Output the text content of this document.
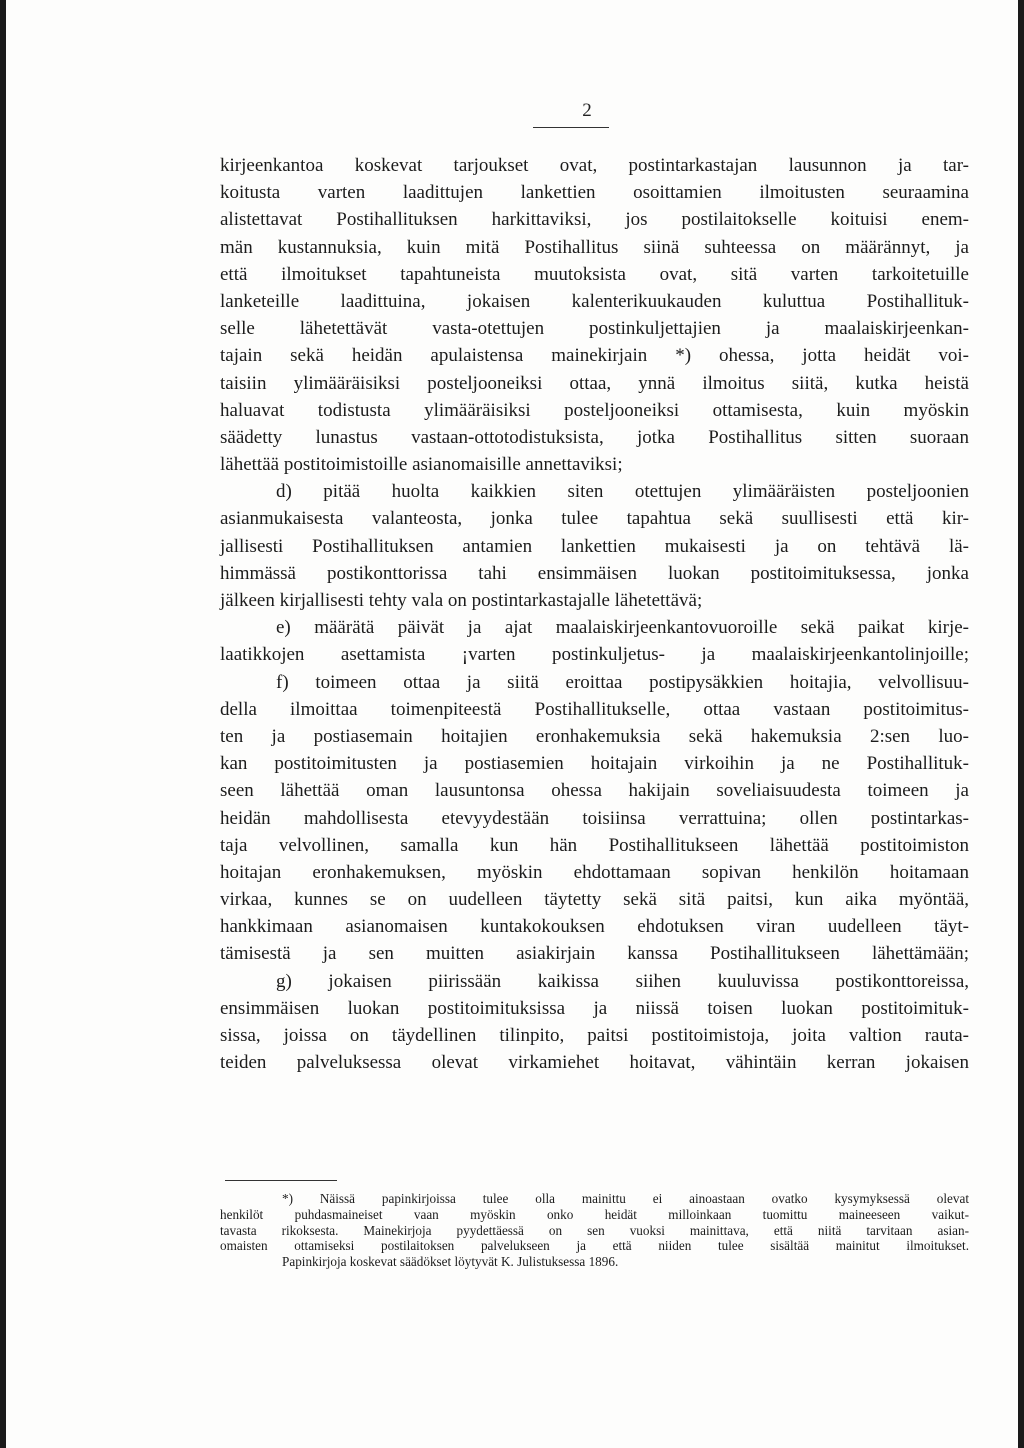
2
kirjeenkantoa koskevat tarjoukset ovat, postintarkastajan lausunnon ja tar-
koitusta varten laadittujen lankettien osoittamien ilmoitusten seuraamina
alistettavat Postihallituksen harkittaviksi, jos postilaitokselle koituisi enem-
män kustannuksia, kuin mitä Postihallitus siinä suhteessa on määrännyt, ja
että ilmoitukset tapahtuneista muutoksista ovat, sitä varten tarkoitetuille
lanketeille laadittuina, jokaisen kalenterikuukauden kuluttua Postihallituk-
selle lähetettävät vasta-otettujen postinkuljettajien ja maalaiskirjeenkan-
tajain sekä heidän apulaistensa mainekirjain *) ohessa, jotta heidät voi-
taisiin ylimääräisiksi posteljooneiksi ottaa, ynnä ilmoitus siitä, kutka heistä
haluavat todistusta ylimääräisiksi posteljooneiksi ottamisesta, kuin myöskin
säädetty lunastus vastaan-ottotodistuksista, jotka Postihallitus sitten suoraan
lähettää postitoimistoille asianomaisille annettaviksi;
d) pitää huolta kaikkien siten otettujen ylimääräisten posteljoonien
asianmukaisesta valanteosta, jonka tulee tapahtua sekä suullisesti että kir-
jallisesti Postihallituksen antamien lankettien mukaisesti ja on tehtävä lä-
himmässä postikonttorissa tahi ensimmäisen luokan postitoimituksessa, jonka
jälkeen kirjallisesti tehty vala on postintarkastajalle lähetettävä;
e) määrätä päivät ja ajat maalaiskirjeenkantovuoroille sekä paikat kirje-
laatikkojen asettamista ¡varten postinkuljetus- ja maalaiskirjeenkantolinjoille;
f) toimeen ottaa ja siitä eroittaa postipysäkkien hoitajia, velvollisuu-
della ilmoittaa toimenpiteestä Postihallitukselle, ottaa vastaan postitoimitus-
ten ja postiasemain hoitajien eronhakemuksia sekä hakemuksia 2:sen luo-
kan postitoimitusten ja postiasemien hoitajain virkoihin ja ne Postihallituk-
seen lähettää oman lausuntonsa ohessa hakijain soveliaisuudesta toimeen ja
heidän mahdollisesta etevyydestään toisiinsa verrattuina; ollen postintarkas-
taja velvollinen, samalla kun hän Postihallitukseen lähettää postitoimiston
hoitajan eronhakemuksen, myöskin ehdottamaan sopivan henkilön hoitamaan
virkaa, kunnes se on uudelleen täytetty sekä sitä paitsi, kun aika myöntää,
hankkimaan asianomaisen kuntakokouksen ehdotuksen viran uudelleen täyt-
tämisestä ja sen muitten asiakirjain kanssa Postihallitukseen lähettämään;
g) jokaisen piirissään kaikissa siihen kuuluvissa postikonttoreissa,
ensimmäisen luokan postitoimituksissa ja niissä toisen luokan postitoimituk-
sissa, joissa on täydellinen tilinpito, paitsi postitoimistoja, joita valtion rauta-
teiden palveluksessa olevat virkamiehet hoitavat, vähintäin kerran jokaisen
*) Näissä papinkirjoissa tulee olla mainittu ei ainoastaan ovatko kysymyksessä olevat
henkilöt puhdasmaineiset vaan myöskin onko heidät milloinkaan tuomittu maineeseen vaikut-
tavasta rikoksesta. Mainekirjoja pyydettäessä on sen vuoksi mainittava, että niitä tarvitaan asian-
omaisten ottamiseksi postilaitoksen palvelukseen ja että niiden tulee sisältää mainitut ilmoitukset.
Papinkirjoja koskevat säädökset löytyvät K. Julistuksessa 1896.
